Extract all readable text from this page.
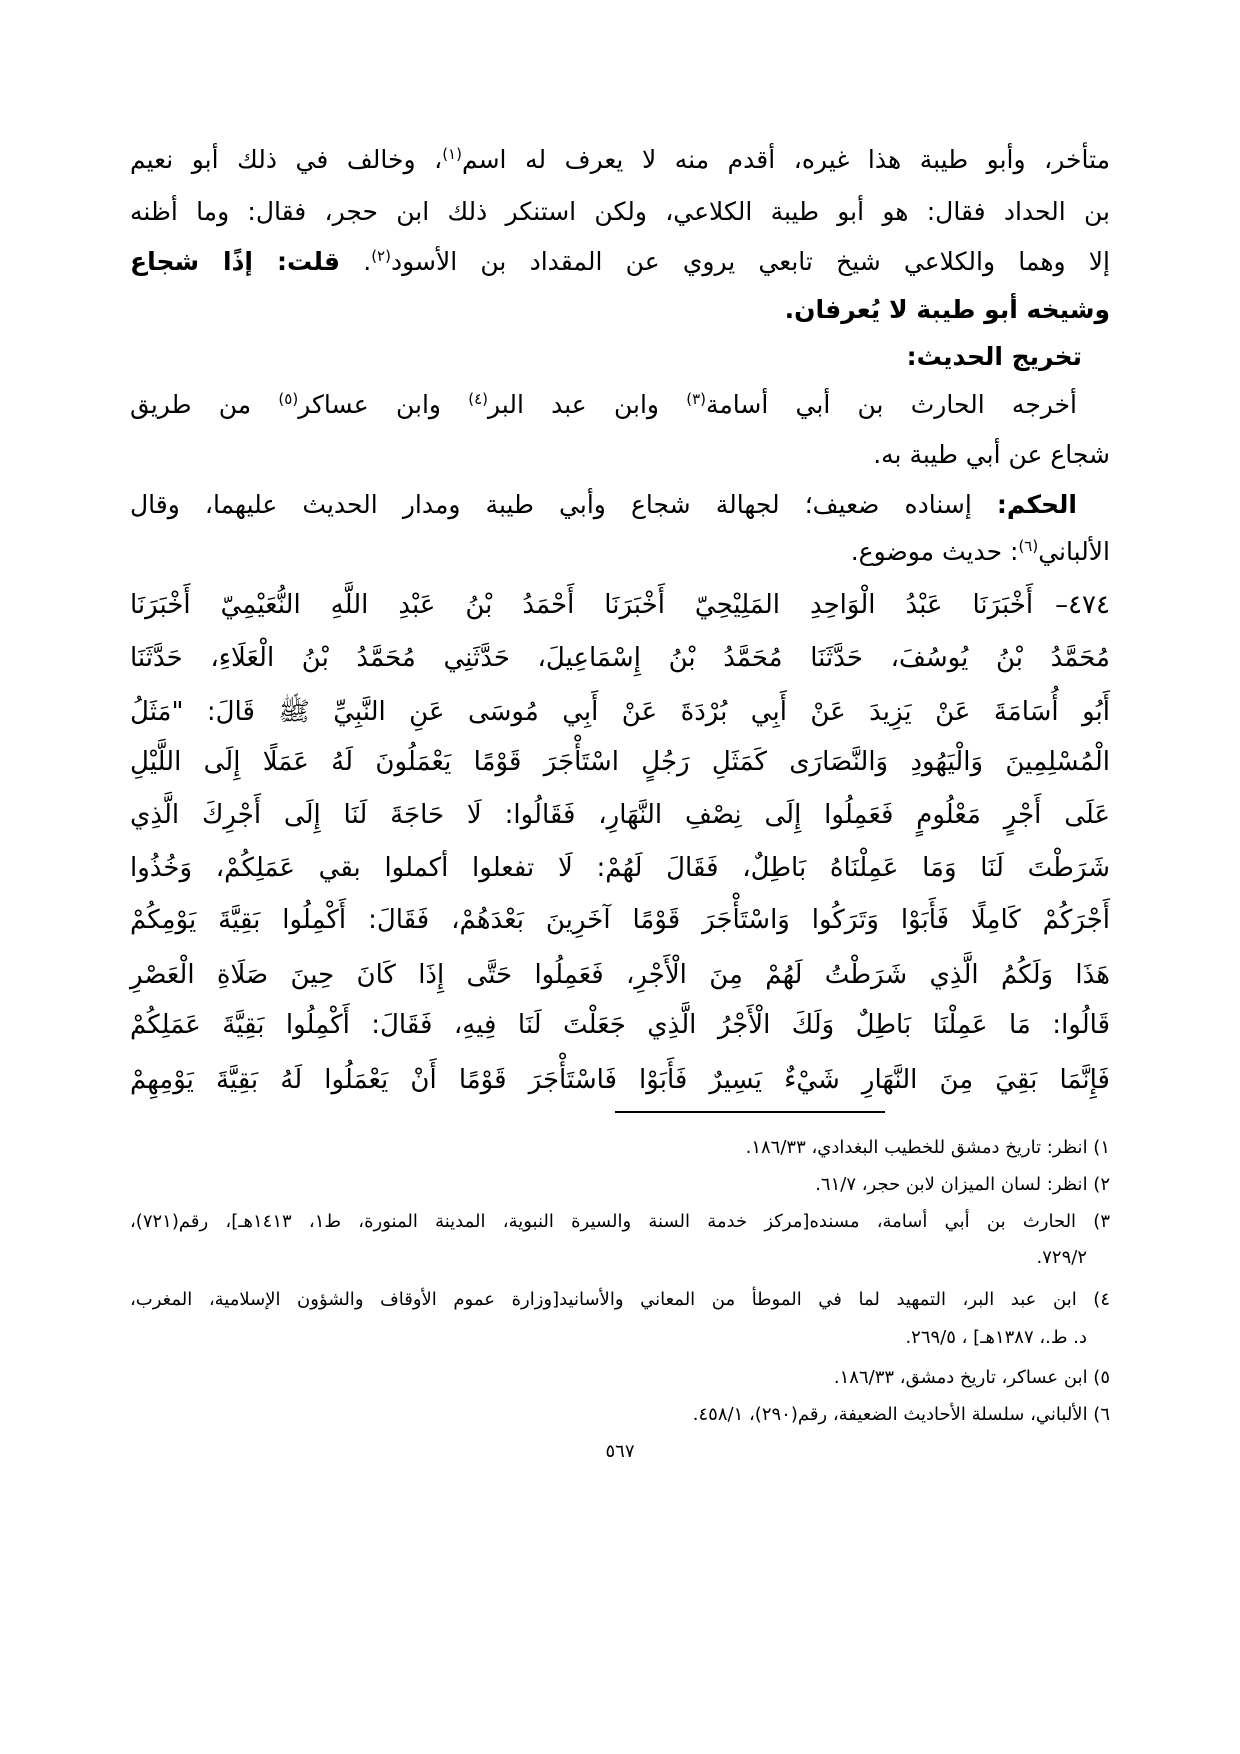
متأخر، وأبو طيبة هذا غيره، أقدم منه لا يعرف له اسم$^{(١)}$، وخالف في ذلك أبو نعيم
بن الحداد فقال: هو أبو طيبة الكلاعي، ولكن استنكر ذلك ابن حجر، فقال: وما أظنه
إلا وهما والكلاعي شيخ تابعي يروي عن المقداد بن الأسود$^{(٢)}$. قلت: إذًا شجاع
وشيخه أبو طيبة لا يُعرفان.
تخريج الحديث:
أخرجه الحارث بن أبي أسامة$^{(٣)}$ وابن عبد البر$^{(٤)}$ وابن عساكر$^{(٥)}$ من طريق
شجاع عن أبي طيبة به.
الحكم: إسناده ضعيف؛ لجهالة شجاع وأبي طيبة ومدار الحديث عليهما، وقال
الألباني$^{(٦)}$: حديث موضوع.
٤٧٤–أَخْبَرَنَا عَبْدُ الْوَاحِدِ المَلِيْحِيّ أَخْبَرَنَا أَحْمَدُ بْنُ عَبْدِ اللَّهِ النُّعَيْمِيّ أَخْبَرَنَا
مُحَمَّدُ بْنُ يُوسُفَ، حَدَّثَنَا مُحَمَّدُ بْنُ إِسْمَاعِيلَ، حَدَّثَنِي مُحَمَّدُ بْنُ الْعَلَاءِ، حَدَّثَنَا
أَبُو أُسَامَةَ عَنْ يَزِيدَ عَنْ أَبِي بُرْدَةَ عَنْ أَبِي مُوسَى عَنِ النَّبِيِّ ﷺ قَالَ: "مَثَلُ
الْمُسْلِمِينَ وَالْيَهُودِ وَالنَّصَارَى كَمَثَلِ رَجُلٍ اسْتَأْجَرَ قَوْمًا يَعْمَلُونَ لَهُ عَمَلًا إِلَى اللَّيْلِ
عَلَى أَجْرٍ مَعْلُومٍ فَعَمِلُوا إِلَى نِصْفِ النَّهَارِ، فَقَالُوا: لَا حَاجَةَ لَنَا إِلَى أَجْرِكَ الَّذِي
شَرَطْتَ لَنَا وَمَا عَمِلْنَاهُ بَاطِلٌ، فَقَالَ لَهُمْ: لَا تفعلوا أكملوا بقي عَمَلِكُمْ، وَخُذُوا
أَجْرَكُمْ كَامِلًا فَأَبَوْا وَتَرَكُوا وَاسْتَأْجَرَ قَوْمًا آخَرِينَ بَعْدَهُمْ، فَقَالَ: أَكْمِلُوا بَقِيَّةَ يَوْمِكُمْ
هَذَا وَلَكُمُ الَّذِي شَرَطْتُ لَهُمْ مِنَ الْأَجْرِ، فَعَمِلُوا حَتَّى إِذَا كَانَ حِينَ صَلَاةِ الْعَصْرِ
قَالُوا: مَا عَمِلْنَا بَاطِلٌ وَلَكَ الْأَجْرُ الَّذِي جَعَلْتَ لَنَا فِيهِ، فَقَالَ: أَكْمِلُوا بَقِيَّةَ عَمَلِكُمْ
فَإِنَّمَا بَقِيَ مِنَ النَّهَارِ شَيْءٌ يَسِيرٌ فَأَبَوْا فَاسْتَأْجَرَ قَوْمًا أَنْ يَعْمَلُوا لَهُ بَقِيَّةَ يَوْمِهِمْ
١) انظر: تاريخ دمشق للخطيب البغدادي، ١٨٦/٣٣.
٢) انظر: لسان الميزان لابن حجر، ٦١/٧.
٣) الحارث بن أبي أسامة، مسنده[مركز خدمة السنة والسيرة النبوية، المدينة المنورة، ط١، ١٤١٣هـ]، رقم(٧٢١)،
٧٢٩/٢.
٤) ابن عبد البر، التمهيد لما في الموطأ من المعاني والأسانيد[وزارة عموم الأوقاف والشؤون الإسلامية، المغرب،
د. ط.، ١٣٨٧هـ] ، ٢٦٩/٥.
٥) ابن عساكر، تاريخ دمشق، ١٨٦/٣٣.
٦) الألباني، سلسلة الأحاديث الضعيفة، رقم(٢٩٠)، ٤٥٨/١.
٥٦٧
